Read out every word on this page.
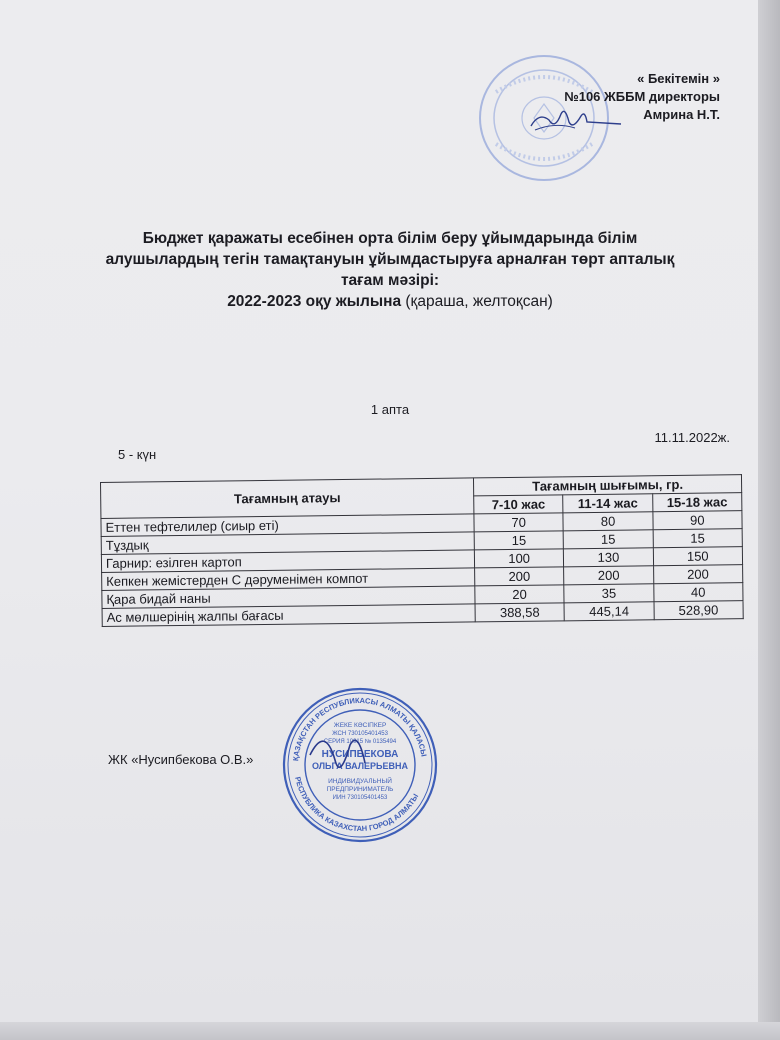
« Бекітемін »
№106 ЖББМ директоры
Амрина Н.Т.
Бюджет қаражаты есебінен орта білім беру ұйымдарында білім
алушылардың тегін тамақтануын ұйымдастыруға арналған төрт апталық
тағам мәзірі:
2022-2023 оқу жылына (қараша, желтоқсан)
1 апта
11.11.2022ж.
5 - күн
Тағамның атауы	Тағамның шығымы, гр.		
	7-10 жас	11-14 жас	15-18 жас
Еттен тефтелилер (сиыр еті)	70	80	90
Тұздық	15	15	15
Гарнир: езілген картоп	100	130	150
Кепкен жемістерден С дәруменімен компот	200	200	200
Қара бидай наны	20	35	40
Ас мөлшерінің жалпы бағасы	388,58	445,14	528,90
ЖК «Нусипбекова О.В.»	ҚАЗАҚСТАН РЕСПУБЛИКАСЫ АЛМАТЫ ҚАЛАСЫ
РЕСПУБЛИКА КАЗАХСТАН ГОРОД АЛМАТЫ
ЖЕКЕ КӘСІПКЕР
ЖСН 730105401453
СЕРИЯ 10915 № 0135494
НУСИПБЕКОВА
ОЛЬГА ВАЛЕРЬЕВНА
ИНДИВИДУАЛЬНЫЙ
ПРЕДПРИНИМАТЕЛЬ
ИИН 730105401453
